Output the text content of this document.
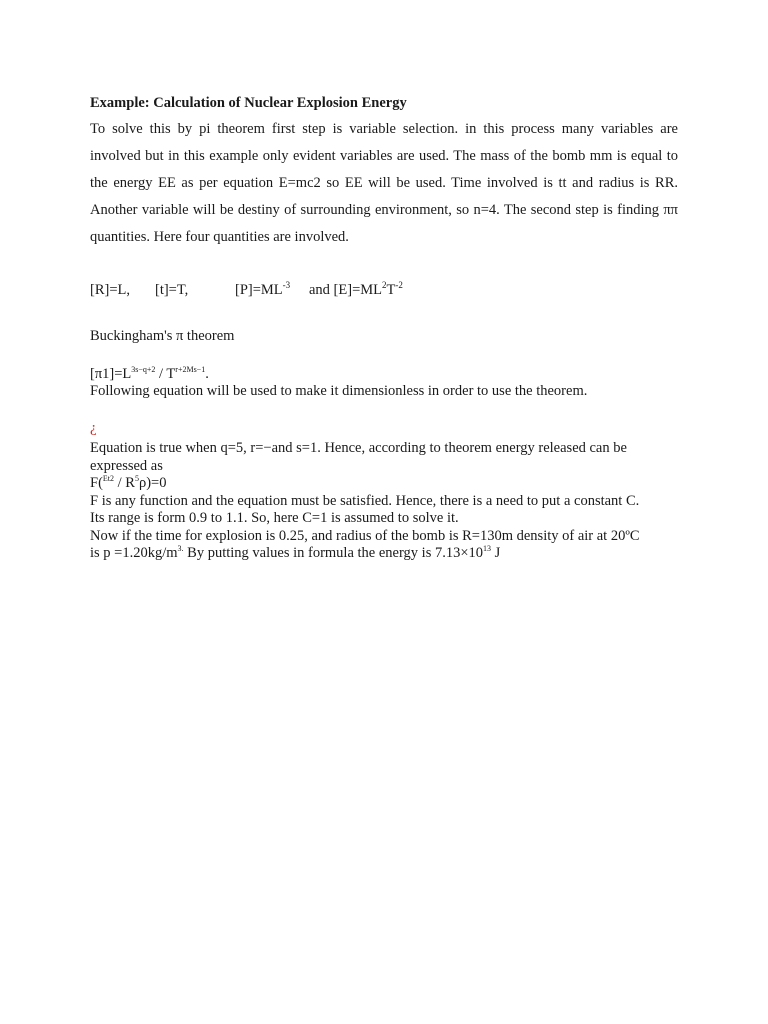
Example: Calculation of Nuclear Explosion Energy

To solve this by pi theorem first step is variable selection. in this process many variables are involved but in this example only evident variables are used. The mass of the bomb mm is equal to the energy EE as per equation E=mc2 so EE will be used. Time involved is tt and radius is RR. Another variable will be destiny of surrounding environment, so n=4. The second step is finding ππ quantities. Here four quantities are involved.

[R]=L, [t]=T,	$[P]=ML^{-3}$ and $[E]=ML^2T^{-2}$
Buckingham's π theorem
$[\pi 1]=L^{3s-q+2} / T^{r+2Ms-1}$.
Following equation will be used to make it dimensionless in order to use the theorem.
¿
Equation is true when q=5, r=−and s=1. Hence, according to theorem energy released can be
expressed as
$F(^{Et2} / R^5\rho)=0$
F is any function and the equation must be satisfied. Hence, there is a need to put a constant C.
Its range is form 0.9 to 1.1. So, here C=1 is assumed to solve it.
Now if the time for explosion is 0.25, and radius of the bomb is R=130m density of air at 20ºC
is $p =1.20kg/m^{3.}$ By putting values in formula the energy is $7.13\times 10^{13}$ J
